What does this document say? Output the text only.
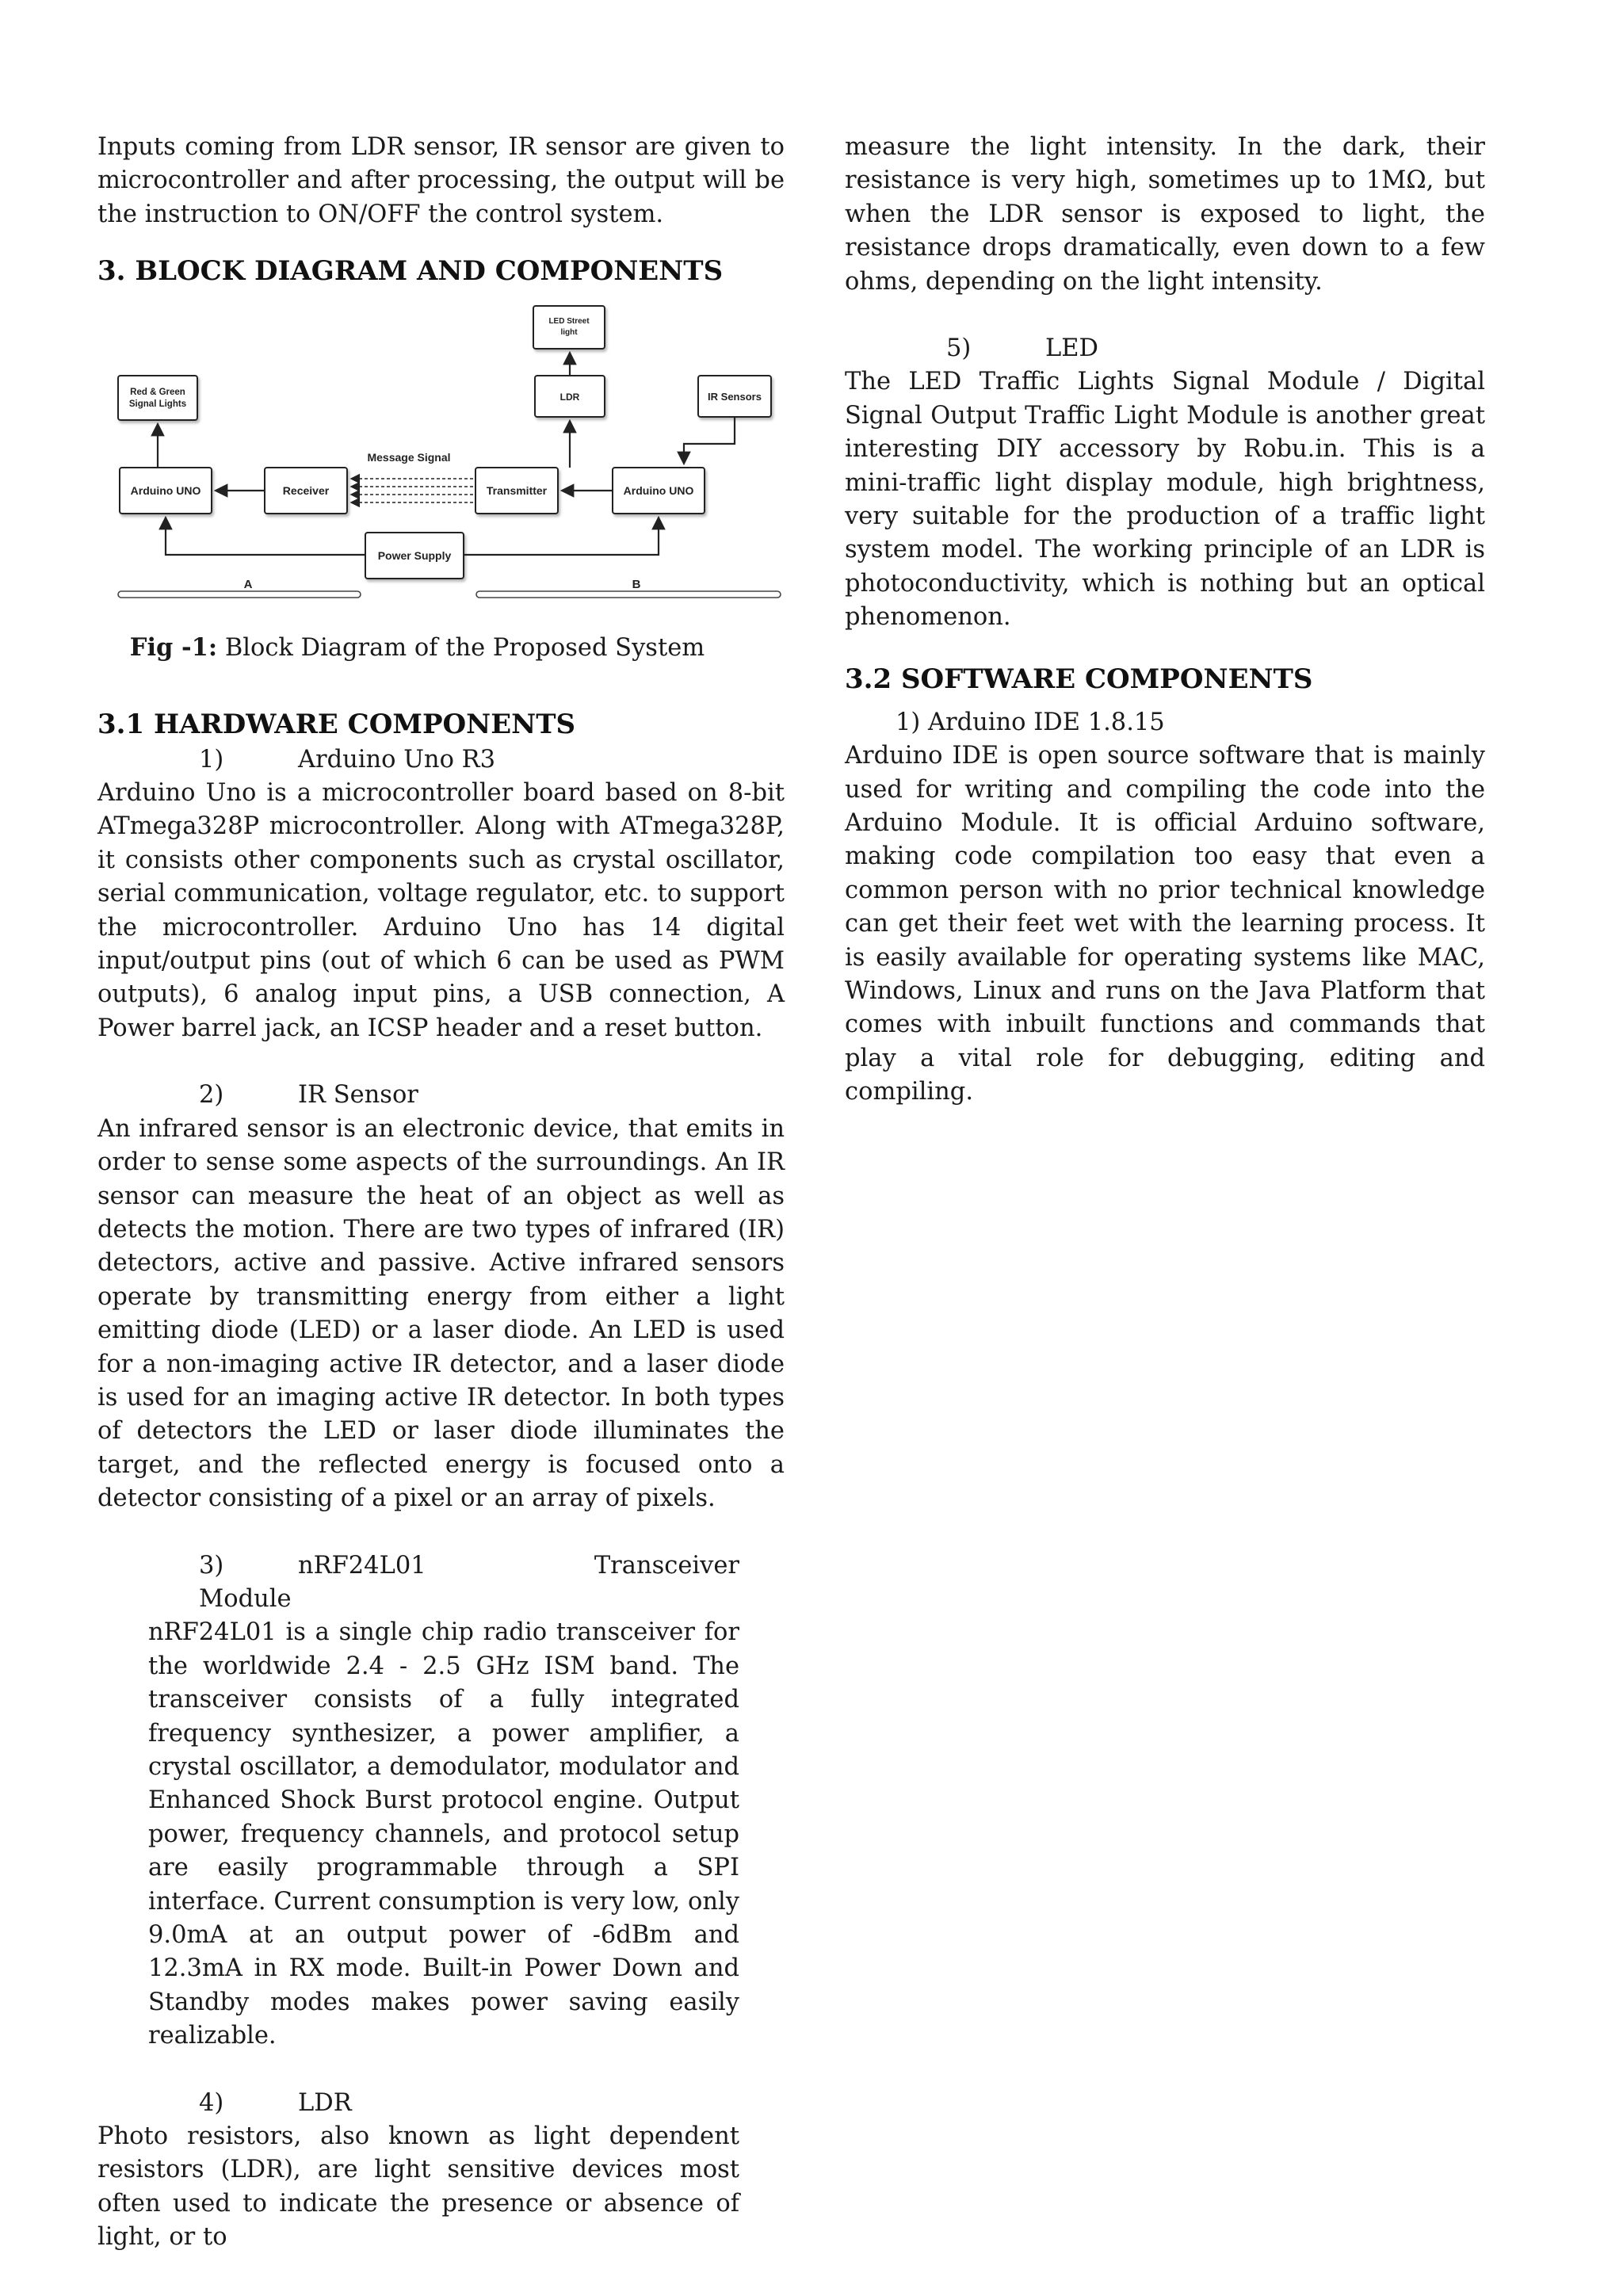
Inputs coming from LDR sensor, IR sensor are given to microcontroller and after processing, the output will be the instruction to ON/OFF the control system.

3. BLOCK DIAGRAM AND COMPONENTS
LED Street
light
LDR	IR Sensors
Red & Green
Signal Lights
Arduino UNO	Receiver	Transmitter	Arduino UNO
Power Supply
Message Signal
A	B

Fig -1: Block Diagram of the Proposed System

3.1 HARDWARE COMPONENTS

1)	Arduino Uno R3

Arduino Uno is a microcontroller board based on 8-bit ATmega328P microcontroller. Along with ATmega328P, it consists other components such as crystal oscillator, serial communication, voltage regulator, etc. to support the microcontroller. Arduino Uno has 14 digital input/output pins (out of which 6 can be used as PWM outputs), 6 analog input pins, a USB connection, A Power barrel jack, an ICSP header and a reset button.

2)	IR Sensor

An infrared sensor is an electronic device, that emits in order to sense some aspects of the surroundings. An IR sensor can measure the heat of an object as well as detects the motion. There are two types of infrared (IR) detectors, active and passive. Active infrared sensors operate by transmitting energy from either a light emitting diode (LED) or a laser diode. An LED is used for a non-imaging active IR detector, and a laser diode is used for an imaging active IR detector. In both types of detectors the LED or laser diode illuminates the target, and the reflected energy is focused onto a detector consisting of a pixel or an array of pixels.

3)	nRF24L01 Transceiver Module

nRF24L01 is a single chip radio transceiver for the worldwide 2.4 - 2.5 GHz ISM band. The transceiver consists of a fully integrated frequency synthesizer, a power amplifier, a crystal oscillator, a demodulator, modulator and Enhanced Shock Burst protocol engine. Output power, frequency channels, and protocol setup are easily programmable through a SPI interface. Current consumption is very low, only 9.0mA at an output power of -6dBm and 12.3mA in RX mode. Built-in Power Down and Standby modes makes power saving easily realizable.

4)	LDR

Photo resistors, also known as light dependent resistors (LDR), are light sensitive devices most often used to indicate the presence or absence of light, or to

measure the light intensity. In the dark, their resistance is very high, sometimes up to 1MΩ, but when the LDR sensor is exposed to light, the resistance drops dramatically, even down to a few ohms, depending on the light intensity.

5)	LED

The LED Traffic Lights Signal Module / Digital Signal Output Traffic Light Module is another great interesting DIY accessory by Robu.in. This is a mini-traffic light display module, high brightness, very suitable for the production of a traffic light system model. The working principle of an LDR is photoconductivity, which is nothing but an optical phenomenon.

3.2 SOFTWARE COMPONENTS

1) Arduino IDE 1.8.15

Arduino IDE is open source software that is mainly used for writing and compiling the code into the Arduino Module. It is official Arduino software, making code compilation too easy that even a common person with no prior technical knowledge can get their feet wet with the learning process. It is easily available for operating systems like MAC, Windows, Linux and runs on the Java Platform that comes with inbuilt functions and commands that play a vital role for debugging, editing and compiling.
